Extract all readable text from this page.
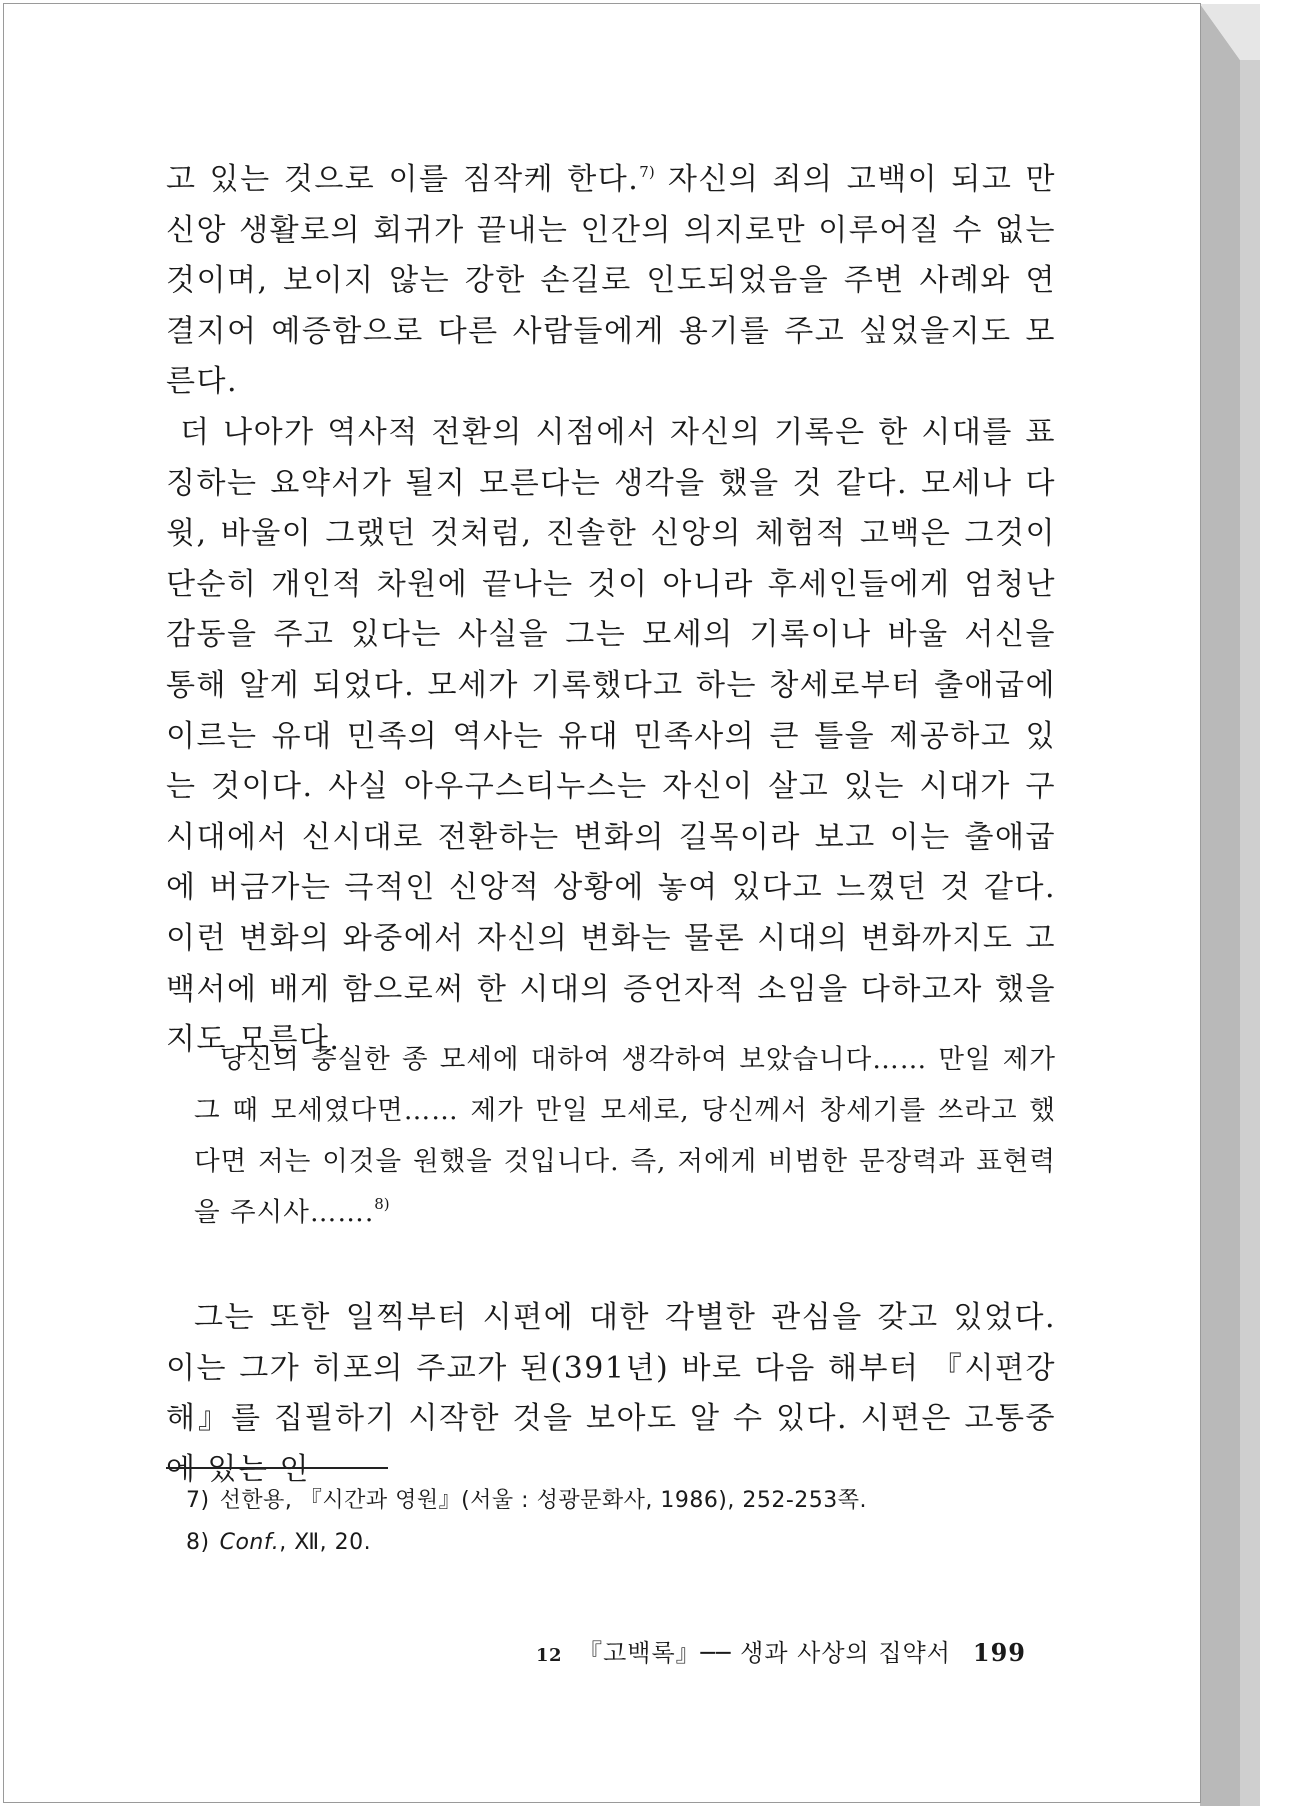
고 있는 것으로 이를 짐작케 한다.$^{7)}$ 자신의 죄의 고백이 되고 만 신앙 생활로의 회귀가 끝내는 인간의 의지로만 이루어질 수 없는 것이며, 보이지 않는 강한 손길로 인도되었음을 주변 사례와 연결지어 예증함으로 다른 사람들에게 용기를 주고 싶었을지도 모른다.

더 나아가 역사적 전환의 시점에서 자신의 기록은 한 시대를 표징하는 요약서가 될지 모른다는 생각을 했을 것 같다. 모세나 다윗, 바울이 그랬던 것처럼, 진솔한 신앙의 체험적 고백은 그것이 단순히 개인적 차원에 끝나는 것이 아니라 후세인들에게 엄청난 감동을 주고 있다는 사실을 그는 모세의 기록이나 바울 서신을 통해 알게 되었다. 모세가 기록했다고 하는 창세로부터 출애굽에 이르는 유대 민족의 역사는 유대 민족사의 큰 틀을 제공하고 있는 것이다. 사실 아우구스티누스는 자신이 살고 있는 시대가 구시대에서 신시대로 전환하는 변화의 길목이라 보고 이는 출애굽에 버금가는 극적인 신앙적 상황에 놓여 있다고 느꼈던 것 같다. 이런 변화의 와중에서 자신의 변화는 물론 시대의 변화까지도 고백서에 배게 함으로써 한 시대의 증언자적 소임을 다하고자 했을지도 모른다.

당신의 충실한 종 모세에 대하여 생각하여 보았습니다…… 만일 제가 그 때 모세였다면…… 제가 만일 모세로, 당신께서 창세기를 쓰라고 했다면 저는 이것을 원했을 것입니다. 즉, 저에게 비범한 문장력과 표현력을 주시사…….$^{8)}$

그는 또한 일찍부터 시편에 대한 각별한 관심을 갖고 있었다. 이는 그가 히포의 주교가 된(391년) 바로 다음 해부터 『시편강해』를 집필하기 시작한 것을 보아도 알 수 있다. 시편은 고통중에 있는 인

7) 선한용, 『시간과 영원』(서울 : 성광문화사, 1986), 252-253쪽.
8) Conf., Ⅻ, 20.
12 『고백록』── 생과 사상의 집약서 199
